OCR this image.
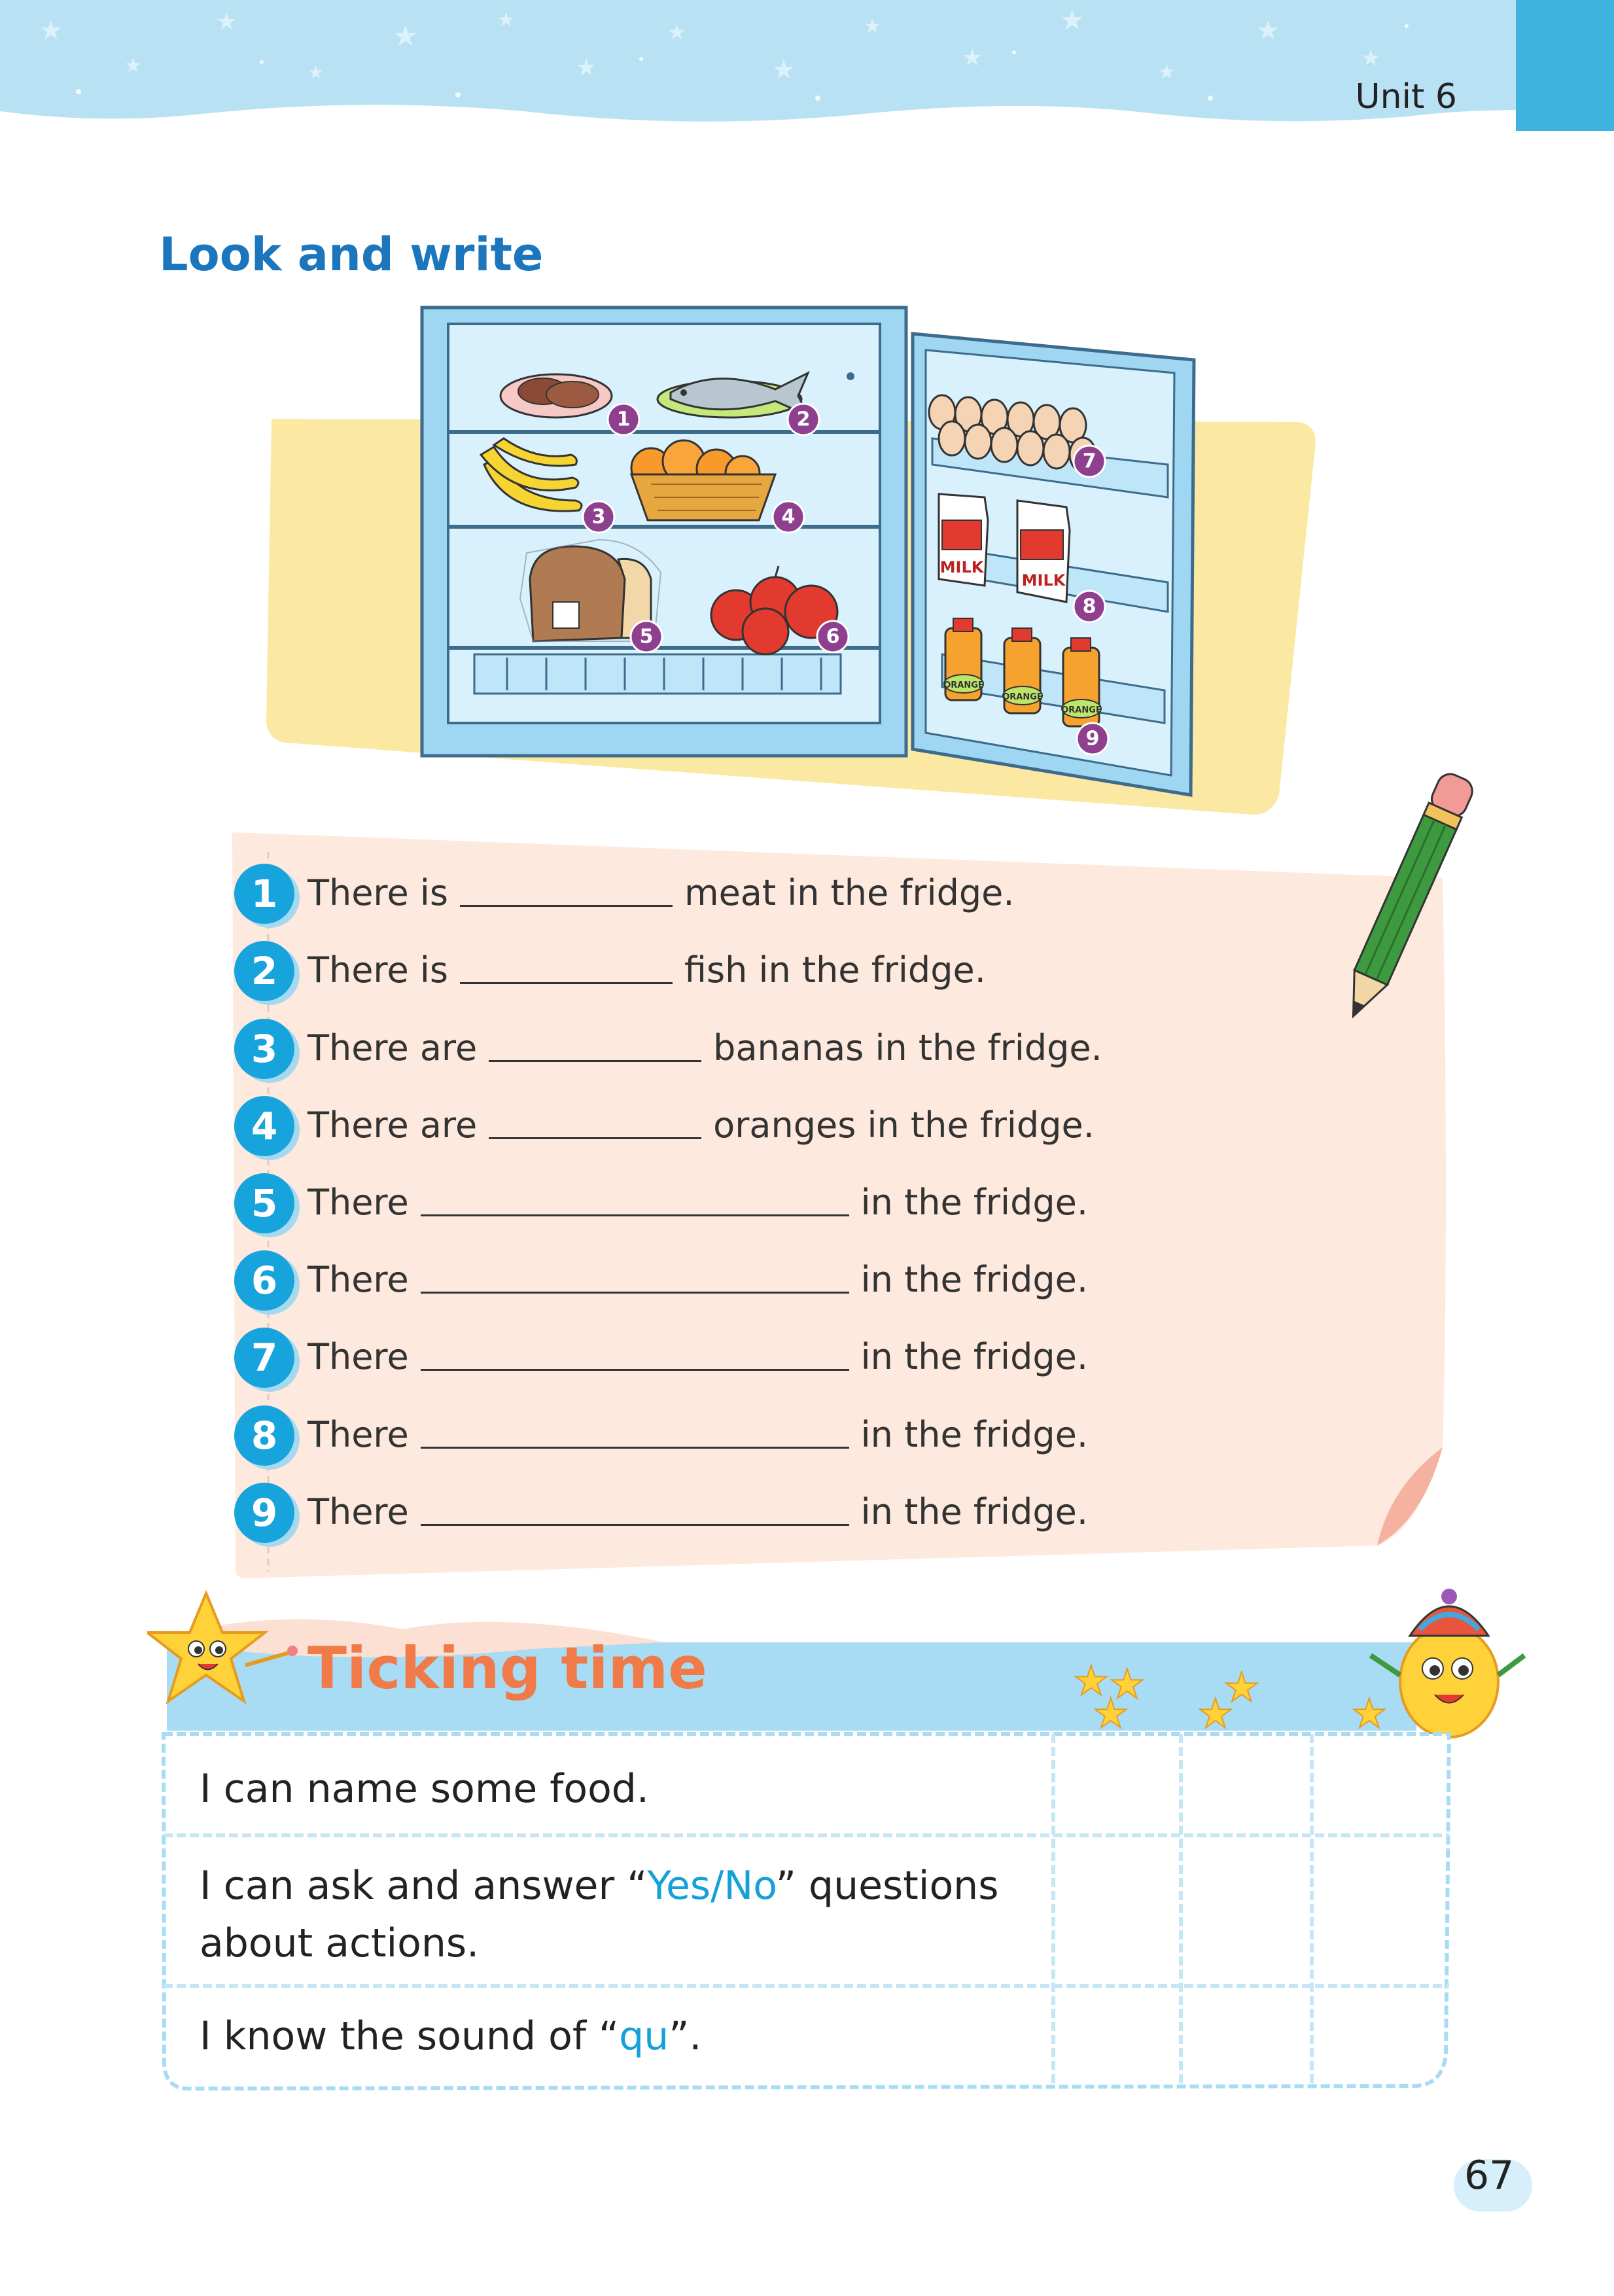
★
★
★
★
★	★
★
★
★
★
★
★
★
★
★
Unit 6
Look and write
MILK
MILK
ORANGE
ORANGE
ORANGE
1	2
3	4
5	6
7
8
9
1 There is	meat in the fridge.
2 There is	fish in the fridge.
3 There are	bananas in the fridge.
4 There are	oranges in the fridge.
5 There	in the fridge.
6 There	in the fridge.
7 There	in the fridge.
8 There	in the fridge.
9 There	in the fridge.
Ticking time	★ ★
★
★
★	★
I can name some food.
I can ask and answer “Yes/No” questions
about actions.
I know the sound of “qu”.
67
